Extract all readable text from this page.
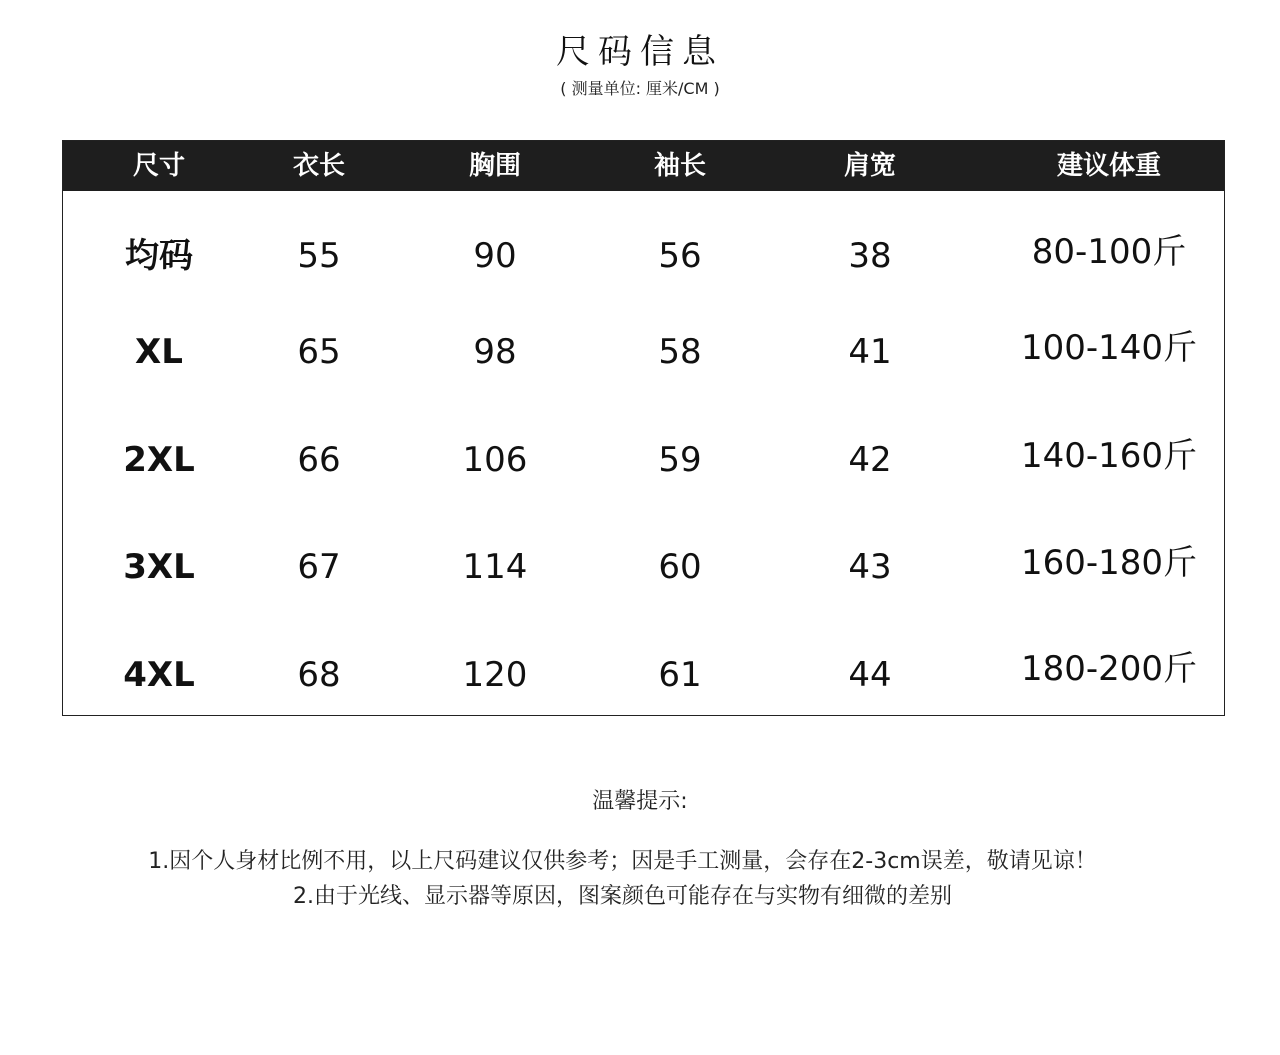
尺码信息
( 测量单位: 厘米/CM )
尺寸	衣长	胸围	袖长	肩宽	建议体重
均码	55	90	56	38	80-100斤
XL	65	98	58	41	100-140斤
2XL	66	106	59	42	140-160斤
3XL	67	114	60	43	160-180斤
4XL	68	120	61	44	180-200斤
温馨提示:
1.因个人身材比例不用，以上尺码建议仅供参考；因是手工测量，会存在2-3cm误差，敬请见谅！
2.由于光线、显示器等原因，图案颜色可能存在与实物有细微的差别
